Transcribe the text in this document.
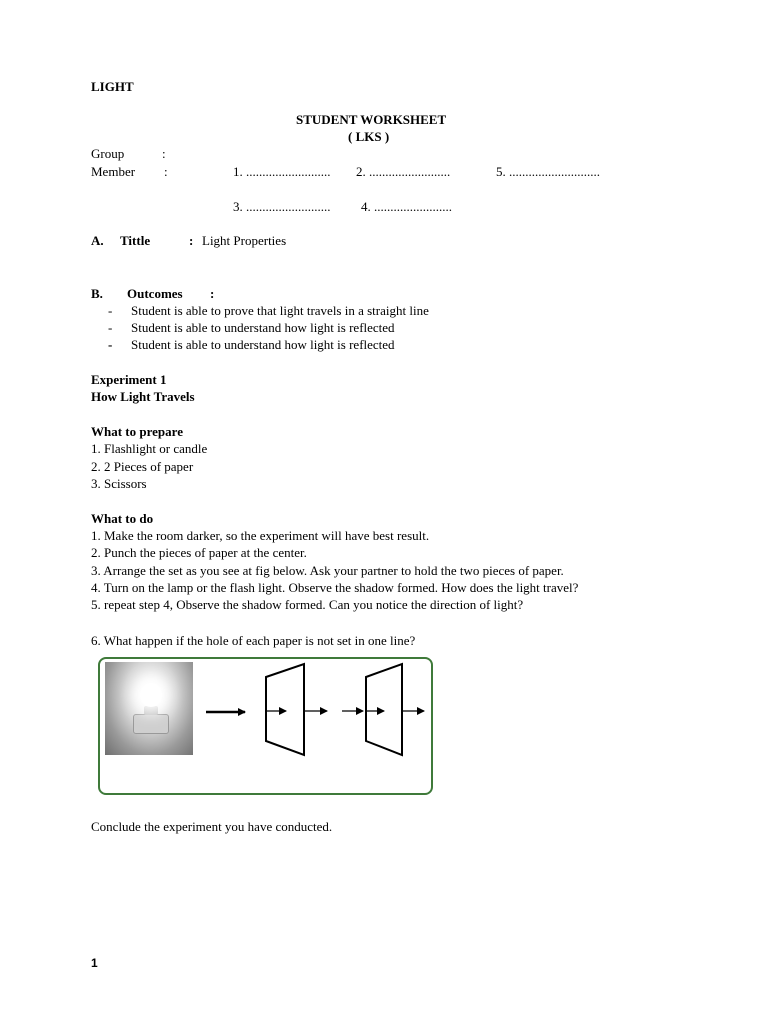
LIGHT
STUDENT WORKSHEET
( LKS )
Group	:
Member :	1. .......................... 2. .........................	5. ............................
3. .......................... 4. ........................
A. Tittle	: Light Properties
B. Outcomes :
- Student is able to prove that light travels in a straight line
- Student is able to understand how light is reflected
- Student is able to understand how light is reflected
Experiment 1
How Light Travels
What to prepare
1. Flashlight or candle
2. 2 Pieces of paper
3. Scissors
What to do
1. Make the room darker, so the experiment will have best result.
2. Punch the pieces of paper at the center.
3. Arrange the set as you see at fig below. Ask your partner to hold the two pieces of paper.
4. Turn on the lamp or the flash light. Observe the shadow formed. How does the light travel?
5. repeat step 4, Observe the shadow formed. Can you notice the direction of light?
6. What happen if the hole of each paper is not set in one line?
Conclude the experiment you have conducted.
1
